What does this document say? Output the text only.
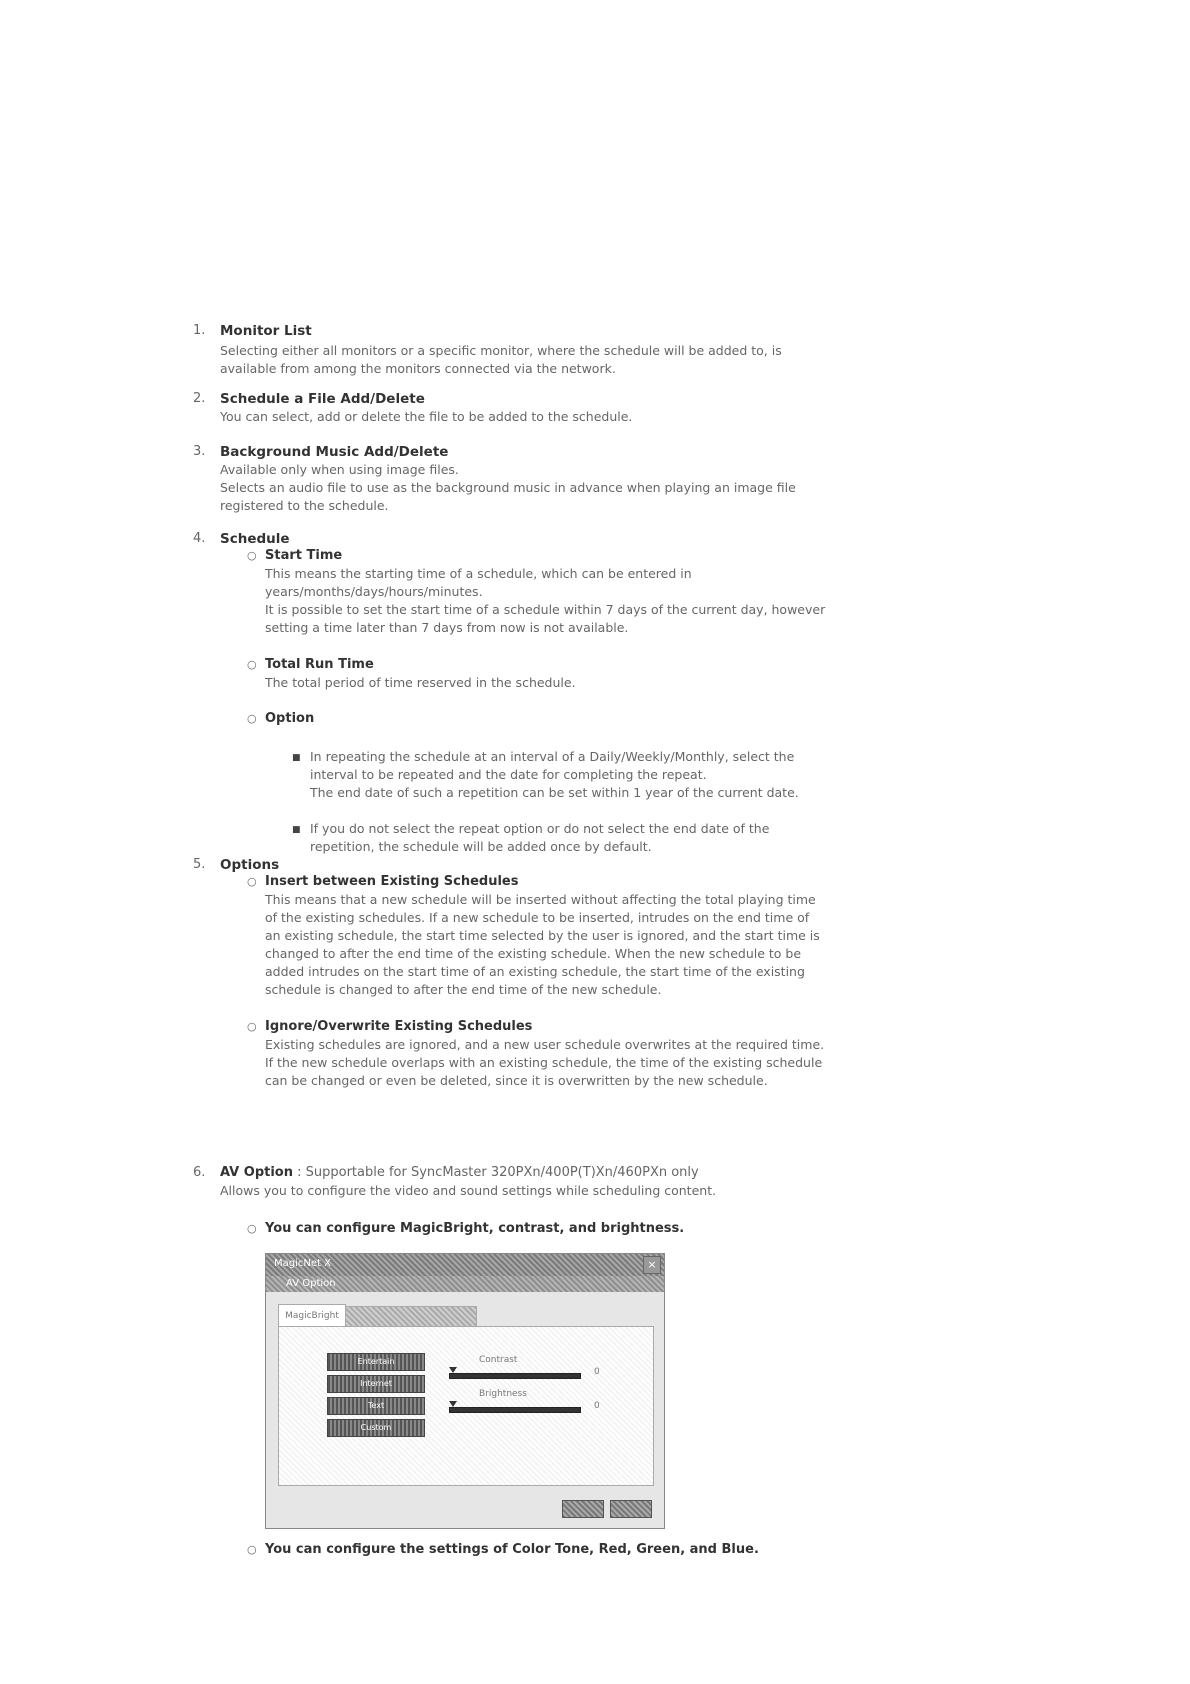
1. Monitor List
Selecting either all monitors or a specific monitor, where the schedule will be added to, is
available from among the monitors connected via the network.
2. Schedule a File Add/Delete
You can select, add or delete the file to be added to the schedule.
3. Background Music Add/Delete
Available only when using image files.
Selects an audio file to use as the background music in advance when playing an image file
registered to the schedule.
4. Schedule
○ Start Time
This means the starting time of a schedule, which can be entered in
years/months/days/hours/minutes.
It is possible to set the start time of a schedule within 7 days of the current day, however
setting a time later than 7 days from now is not available.
○ Total Run Time
The total period of time reserved in the schedule.
○ Option
■ In repeating the schedule at an interval of a Daily/Weekly/Monthly, select the
interval to be repeated and the date for completing the repeat.
The end date of such a repetition can be set within 1 year of the current date.
■ If you do not select the repeat option or do not select the end date of the
repetition, the schedule will be added once by default.
5. Options
○ Insert between Existing Schedules
This means that a new schedule will be inserted without affecting the total playing time
of the existing schedules. If a new schedule to be inserted, intrudes on the end time of
an existing schedule, the start time selected by the user is ignored, and the start time is
changed to after the end time of the existing schedule. When the new schedule to be
added intrudes on the start time of an existing schedule, the start time of the existing
schedule is changed to after the end time of the new schedule.
○ Ignore/Overwrite Existing Schedules
Existing schedules are ignored, and a new user schedule overwrites at the required time.
If the new schedule overlaps with an existing schedule, the time of the existing schedule
can be changed or even be deleted, since it is overwritten by the new schedule.
6. AV Option : Supportable for SyncMaster 320PXn/400P(T)Xn/460PXn only
Allows you to configure the video and sound settings while scheduling content.
○ You can configure MagicBright, contrast, and brightness.
MagicNet X	×
AV Option
MagicBright
Entertain
Internet
Text
Custom
Contrast
0
Brightness
0
○ You can configure the settings of Color Tone, Red, Green, and Blue.
